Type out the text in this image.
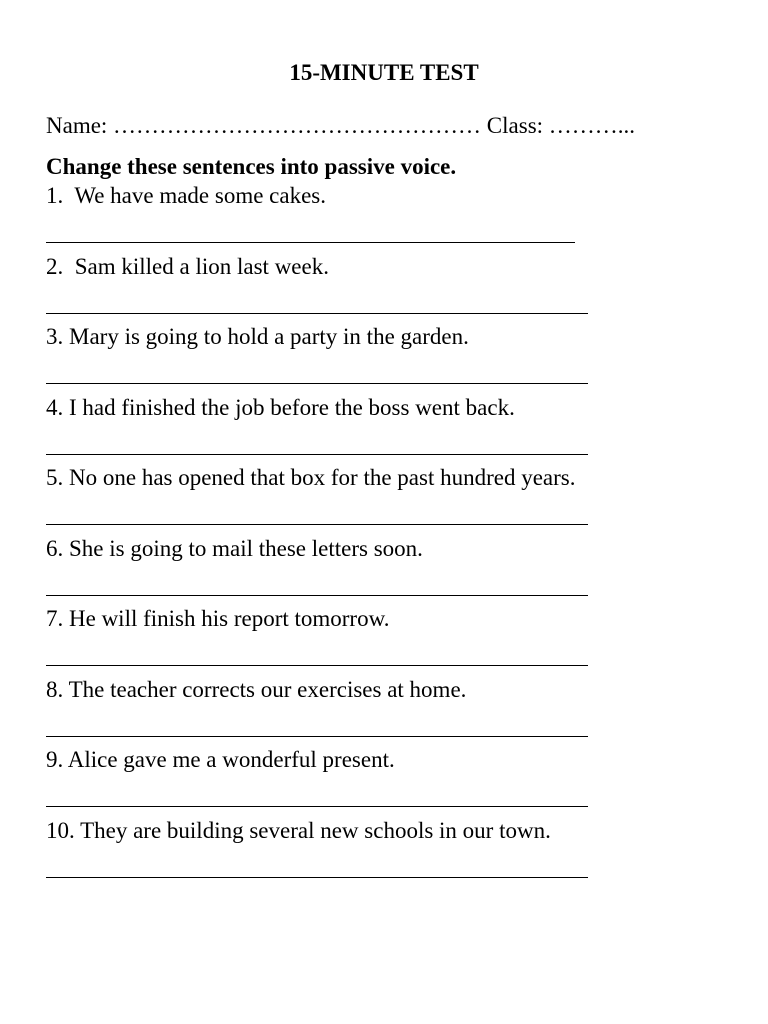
15-MINUTE TEST
Name: ………………………………………… Class: ………...
Change these sentences into passive voice.
1.  We have made some cakes.
2.  Sam killed a lion last week.
3. Mary is going to hold a party in the garden.
4. I had finished the job before the boss went back.
5. No one has opened that box for the past hundred years.
6. She is going to mail these letters soon.
7. He will finish his report tomorrow.
8. The teacher corrects our exercises at home.
9. Alice gave me a wonderful present.
10. They are building several new schools in our town.
